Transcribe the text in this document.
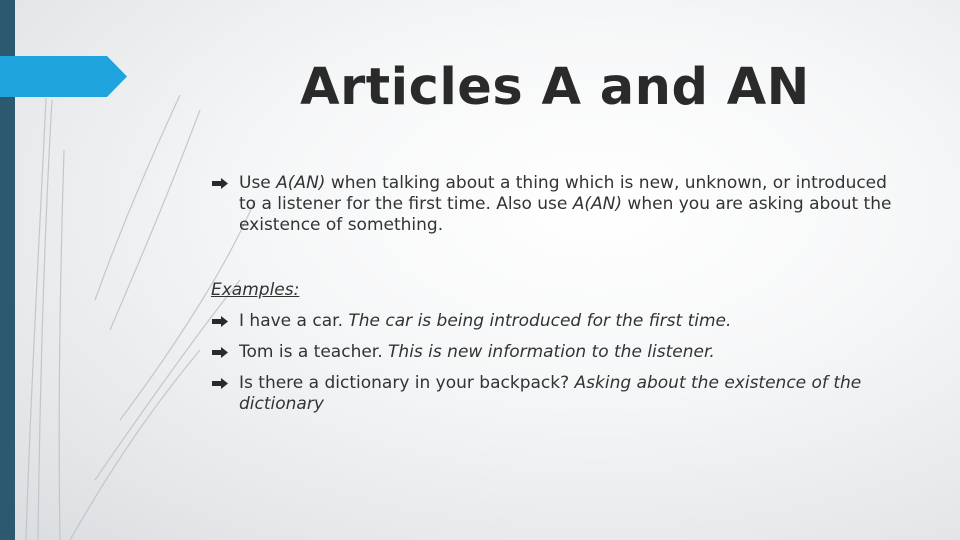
Articles A and AN
Use A(AN) when talking about a thing which is new, unknown, or introduced to a listener for the first time. Also use A(AN) when you are asking about the existence of something.
Examples:
I have a car. The car is being introduced for the first time.
Tom is a teacher. This is new information to the listener.
Is there a dictionary in your backpack? Asking about the existence of the dictionary
